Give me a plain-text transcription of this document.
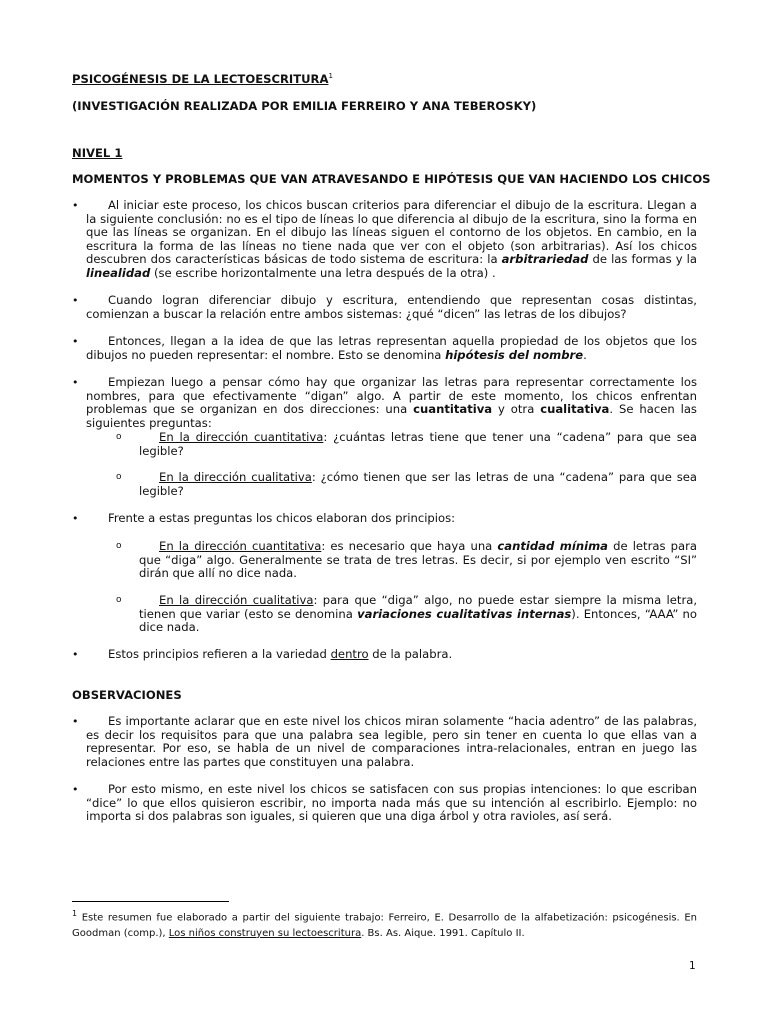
PSICOGÉNESIS DE LA LECTOESCRITURA$^1$
(INVESTIGACIÓN REALIZADA POR EMILIA FERREIRO Y ANA TEBEROSKY)
NIVEL 1
MOMENTOS Y PROBLEMAS QUE VAN ATRAVESANDO E HIPÓTESIS QUE VAN HACIENDO LOS CHICOS
•	Al iniciar este proceso, los chicos buscan criterios para diferenciar el dibujo de la escritura. Llegan a la siguiente conclusión: no es el tipo de líneas lo que diferencia al dibujo de la escritura, sino la forma en que las líneas se organizan. En el dibujo las líneas siguen el contorno de los objetos. En cambio, en la escritura la forma de las líneas no tiene nada que ver con el objeto (son arbitrarias). Así los chicos descubren dos características básicas de todo sistema de escritura: la arbitrariedad de las formas y la linealidad (se escribe horizontalmente una letra después de la otra) .
•	Cuando logran diferenciar dibujo y escritura, entendiendo que representan cosas distintas, comienzan a buscar la relación entre ambos sistemas: ¿qué “dicen” las letras de los dibujos?
•	Entonces, llegan a la idea de que las letras representan aquella propiedad de los objetos que los dibujos no pueden representar: el nombre. Esto se denomina hipótesis del nombre.
•	Empiezan luego a pensar cómo hay que organizar las letras para representar correctamente los nombres, para que efectivamente “digan” algo. A partir de este momento, los chicos enfrentan problemas que se organizan en dos direcciones: una cuantitativa y otra cualitativa. Se hacen las siguientes preguntas:
o	En la dirección cuantitativa: ¿cuántas letras tiene que tener una “cadena” para que sea legible?
o	En la dirección cualitativa: ¿cómo tienen que ser las letras de una “cadena” para que sea legible?
•	Frente a estas preguntas los chicos elaboran dos principios:
o	En la dirección cuantitativa: es necesario que haya una cantidad mínima de letras para que “diga” algo. Generalmente se trata de tres letras. Es decir, si por ejemplo ven escrito “SI” dirán que allí no dice nada.
o	En la dirección cualitativa: para que “diga” algo, no puede estar siempre la misma letra, tienen que variar (esto se denomina variaciones cualitativas internas). Entonces, “AAA” no dice nada.
•	Estos principios refieren a la variedad dentro de la palabra.
OBSERVACIONES
•	Es importante aclarar que en este nivel los chicos miran solamente “hacia adentro” de las palabras, es decir los requisitos para que una palabra sea legible, pero sin tener en cuenta lo que ellas van a representar. Por eso, se habla de un nivel de comparaciones intra-relacionales, entran en juego las relaciones entre las partes que constituyen una palabra.
•	Por esto mismo, en este nivel los chicos se satisfacen con sus propias intenciones: lo que escriban “dice” lo que ellos quisieron escribir, no importa nada más que su intención al escribirlo. Ejemplo: no importa si dos palabras son iguales, si quieren que una diga árbol y otra ravioles, así será.
$^1$ Este resumen fue elaborado a partir del siguiente trabajo: Ferreiro, E. Desarrollo de la alfabetización: psicogénesis. En Goodman (comp.), Los niños construyen su lectoescritura. Bs. As. Aique. 1991. Capítulo II.
1
